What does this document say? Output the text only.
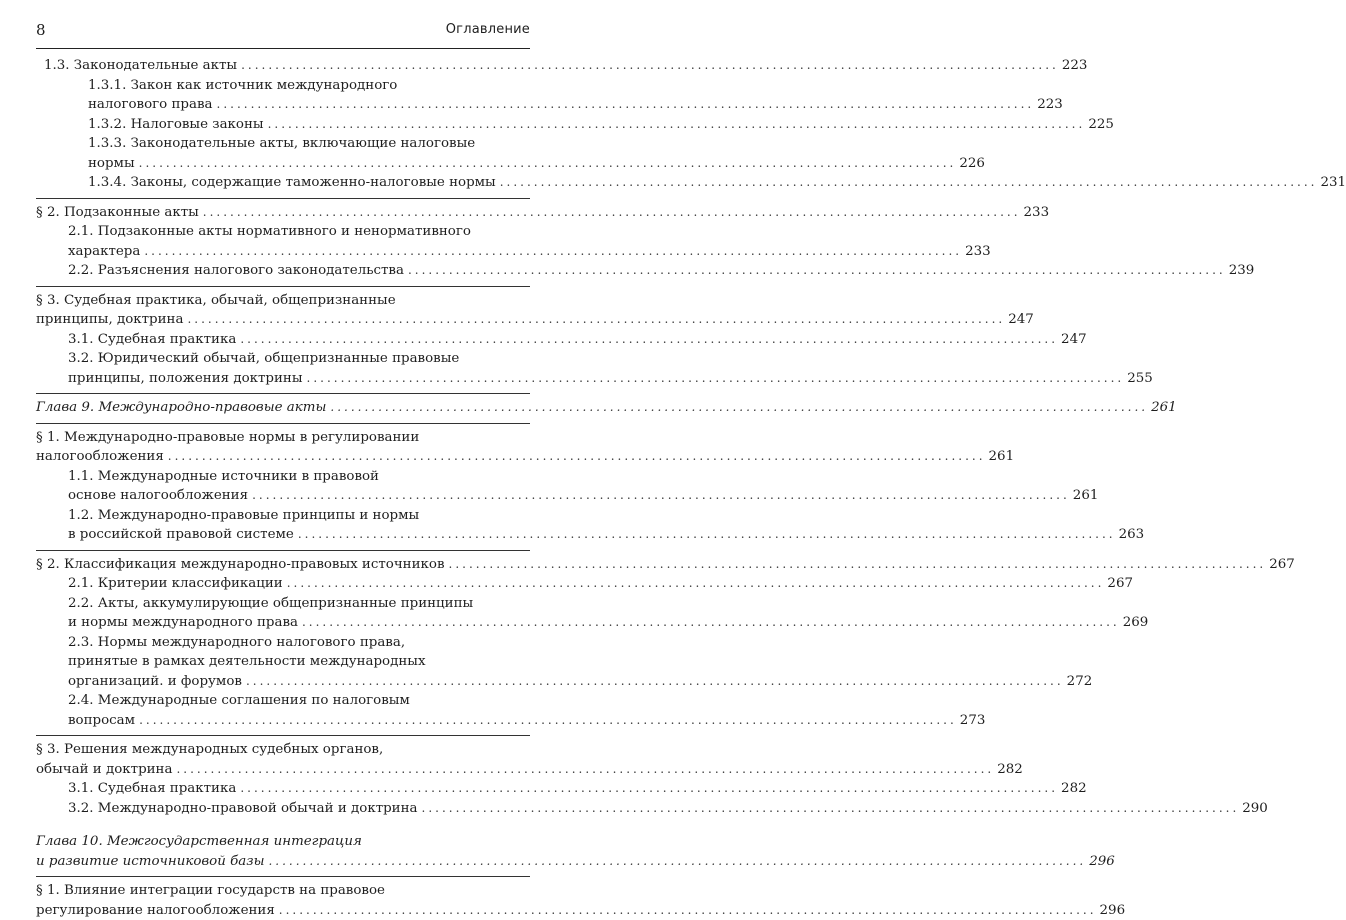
8	Оглавление
1.3. Законодательные акты ........................................................................................................................ 223
1.3.1. Закон как источник международного
налогового права ........................................................................................................................ 223
1.3.2. Налоговые законы ........................................................................................................................ 225
1.3.3. Законодательные акты, включающие налоговые
нормы ........................................................................................................................ 226
1.3.4. Законы, содержащие таможенно-налоговые нормы ........................................................................................................................ 231
§ 2. Подзаконные акты ........................................................................................................................ 233
2.1. Подзаконные акты нормативного и ненормативного
характера ........................................................................................................................ 233
2.2. Разъяснения налогового законодательства ........................................................................................................................ 239
§ 3. Судебная практика, обычай, общепризнанные
принципы, доктрина ........................................................................................................................ 247
3.1. Судебная практика ........................................................................................................................ 247
3.2. Юридический обычай, общепризнанные правовые
принципы, положения доктрины ........................................................................................................................ 255
Глава 9. Международно-правовые акты ........................................................................................................................ 261
§ 1. Международно-правовые нормы в регулировании
налогообложения ........................................................................................................................ 261
1.1. Международные источники в правовой
основе налогообложения ........................................................................................................................ 261
1.2. Международно-правовые принципы и нормы
в российской правовой системе ........................................................................................................................ 263
§ 2. Классификация международно-правовых источников ........................................................................................................................ 267
2.1. Критерии классификации ........................................................................................................................ 267
2.2. Акты, аккумулирующие общепризнанные принципы
и нормы международного права ........................................................................................................................ 269
2.3. Нормы международного налогового права,
принятые в рамках деятельности международных
организаций. и форумов ........................................................................................................................ 272
2.4. Международные соглашения по налоговым
вопросам ........................................................................................................................ 273
§ 3. Решения международных судебных органов,
обычай и доктрина ........................................................................................................................ 282
3.1. Судебная практика ........................................................................................................................ 282
3.2. Международно-правовой обычай и доктрина ........................................................................................................................ 290
Глава 10. Межгосударственная интеграция
и развитие источниковой базы ........................................................................................................................ 296
§ 1. Влияние интеграции государств на правовое
регулирование налогообложения ........................................................................................................................ 296
